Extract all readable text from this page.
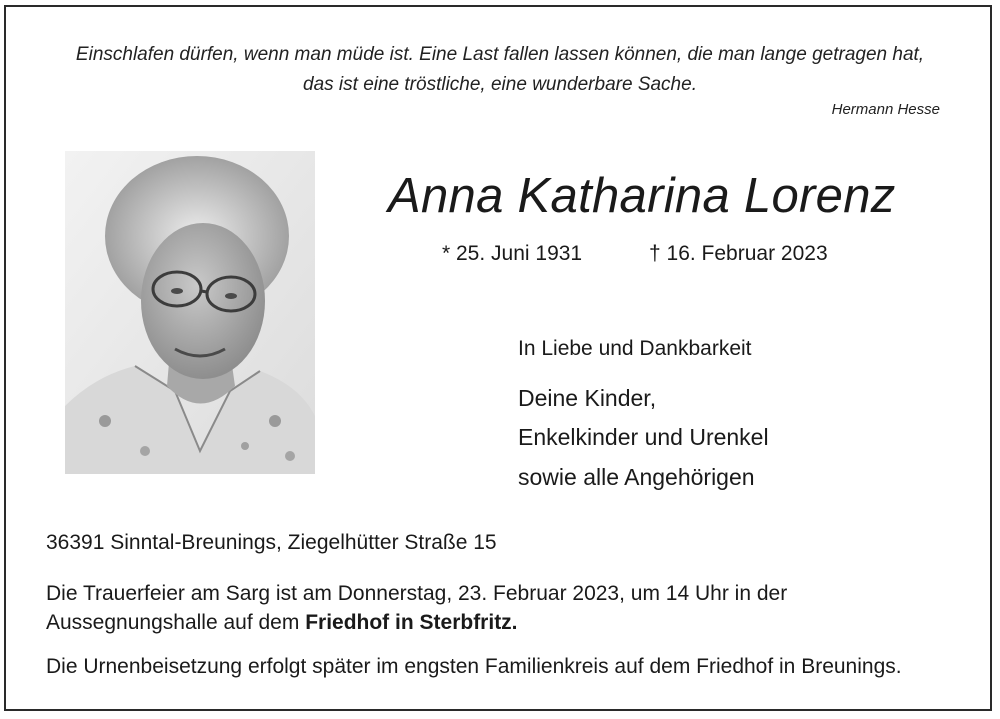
Einschlafen dürfen, wenn man müde ist. Eine Last fallen lassen können, die man lange getragen hat,
das ist eine tröstliche, eine wunderbare Sache.
Hermann Hesse
Anna Katharina Lorenz
* 25. Juni 1931	† 16. Februar 2023
In Liebe und Dankbarkeit
Deine Kinder,
Enkelkinder und Urenkel
sowie alle Angehörigen
36391 Sinntal-Breunings, Ziegelhütter Straße 15
Die Trauerfeier am Sarg ist am Donnerstag, 23. Februar 2023, um 14 Uhr in der
Aussegnungshalle auf dem Friedhof in Sterbfritz.
Die Urnenbeisetzung erfolgt später im engsten Familienkreis auf dem Friedhof in Breunings.
